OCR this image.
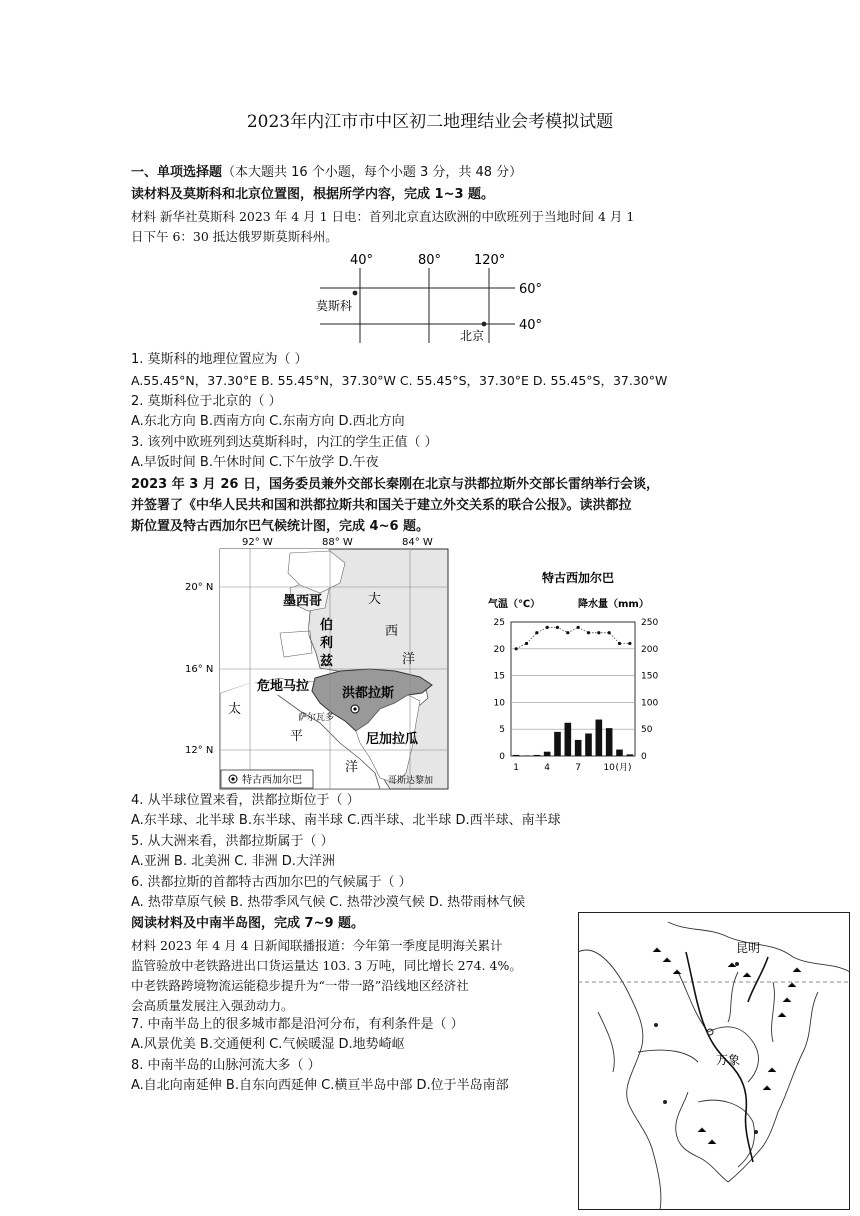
2023年内江市市中区初二地理结业会考模拟试题
一、单项选择题（本大题共 16 个小题，每个小题 3 分，共 48 分）
读材料及莫斯科和北京位置图，根据所学内容，完成 1~3 题。
材料 新华社莫斯科 2023 年 4 月 1 日电：首列北京直达欧洲的中欧班列于当地时间 4 月 1
日下午 6：30 抵达俄罗斯莫斯科州。
40°	80°	120°
60°
40°
莫斯科
北京
1. 莫斯科的地理位置应为（ ）
A.55.45°N，37.30°E B. 55.45°N，37.30°W C. 55.45°S，37.30°E D. 55.45°S，37.30°W
2. 莫斯科位于北京的（ ）
A.东北方向 B.西南方向 C.东南方向 D.西北方向
3. 该列中欧班列到达莫斯科时，内江的学生正值（ ）
A.早饭时间 B.午休时间 C.下午放学 D.午夜
2023 年 3 月 26 日，国务委员兼外交部长秦刚在北京与洪都拉斯外交部长雷纳举行会谈，
并签署了《中华人民共和国和洪都拉斯共和国关于建立外交关系的联合公报》。读洪都拉
斯位置及特古西加尔巴气候统计图，完成 4~6 题。
92° W	88° W	84° W
20° N
16° N
12° N
墨西哥
伯
利
兹
大
西
洋
危地马拉	洪都拉斯
萨尔瓦多
尼加拉瓜
太
平
洋
哥斯达黎加
特古西加尔巴
特古西加尔巴
气温（℃）	降水量（mm）
25
20
15
10
5
0
250
200
150
100
50
0
1	4	7 10 (月)
4. 从半球位置来看，洪都拉斯位于（ ）
A.东半球、北半球 B.东半球、南半球 C.西半球、北半球 D.西半球、南半球
5. 从大洲来看，洪都拉斯属于（ ）
A.亚洲 B. 北美洲 C. 非洲 D.大洋洲
6. 洪都拉斯的首都特古西加尔巴的气候属于（ ）
A. 热带草原气候 B. 热带季风气候 C. 热带沙漠气候 D. 热带雨林气候
阅读材料及中南半岛图，完成 7~9 题。
材料 2023 年 4 月 4 日新闻联播报道：今年第一季度昆明海关累计
监管验放中老铁路进出口货运量达 103. 3 万吨，同比增长 274. 4%。
中老铁路跨境物流运能稳步提升为“一带一路”沿线地区经济社
会高质量发展注入强劲动力。
7. 中南半岛上的很多城市都是沿河分布，有利条件是（ ）
A.风景优美 B.交通便利 C.气候暖湿 D.地势崎岖
8. 中南半岛的山脉河流大多（ ）
A.自北向南延伸 B.自东向西延伸 C.横亘半岛中部 D.位于半岛南部
昆明
万象
